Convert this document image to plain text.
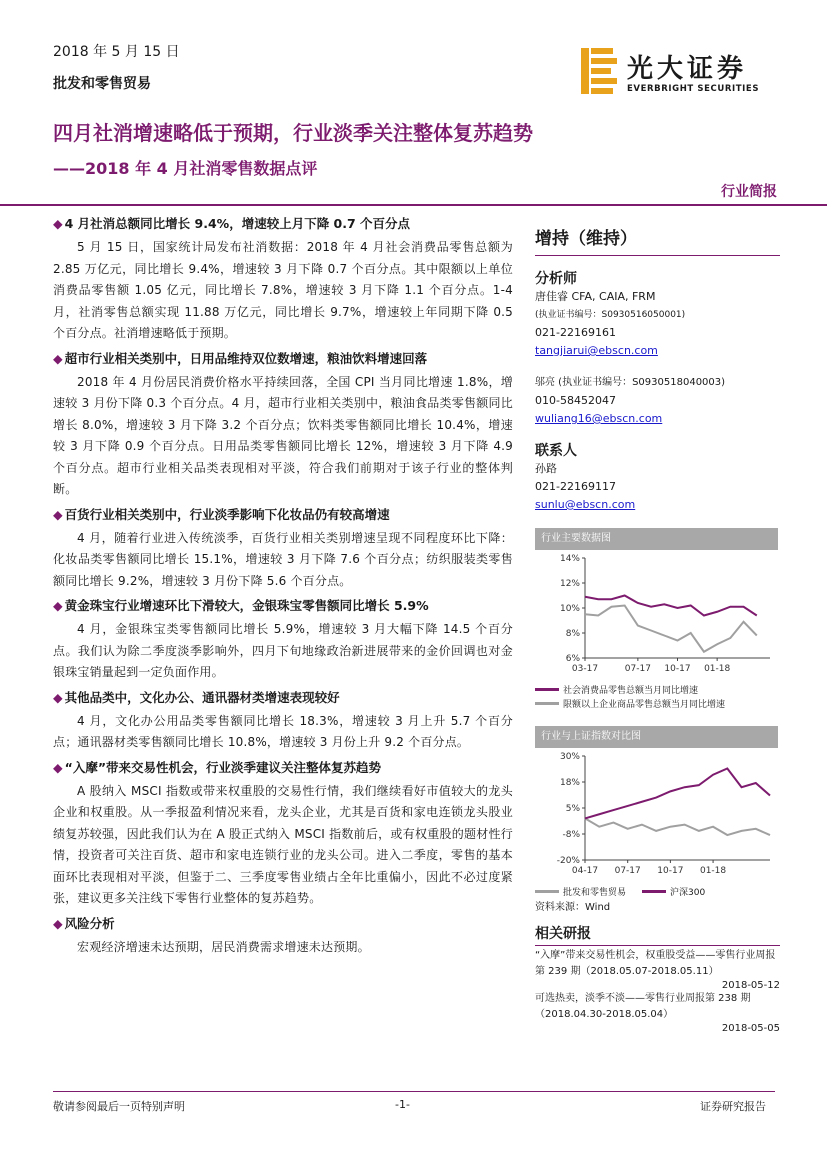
2018 年 5 月 15 日
批发和零售贸易	光大证券
EVERBRIGHT SECURITIES
四月社消增速略低于预期，行业淡季关注整体复苏趋势
——2018 年 4 月社消零售数据点评
行业简报
◆ 4 月社消总额同比增长 9.4%，增速较上月下降 0.7 个百分点

5 月 15 日，国家统计局发布社消数据：2018 年 4 月社会消费品零售总额为 2.85 万亿元，同比增长 9.4%，增速较 3 月下降 0.7 个百分点。其中限额以上单位消费品零售额 1.05 亿元，同比增长 7.8%，增速较 3 月下降 1.1 个百分点。1-4 月，社消零售总额实现 11.88 万亿元，同比增长 9.7%，增速较上年同期下降 0.5 个百分点。社消增速略低于预期。

◆ 超市行业相关类别中，日用品维持双位数增速，粮油饮料增速回落

2018 年 4 月份居民消费价格水平持续回落，全国 CPI 当月同比增速 1.8%，增速较 3 月份下降 0.3 个百分点。4 月，超市行业相关类别中，粮油食品类零售额同比增长 8.0%，增速较 3 月下降 3.2 个百分点；饮料类零售额同比增长 10.4%，增速较 3 月下降 0.9 个百分点。日用品类零售额同比增长 12%，增速较 3 月下降 4.9 个百分点。超市行业相关品类表现相对平淡，符合我们前期对于该子行业的整体判断。

◆ 百货行业相关类别中，行业淡季影响下化妆品仍有较高增速

4 月，随着行业进入传统淡季，百货行业相关类别增速呈现不同程度环比下降：化妆品类零售额同比增长 15.1%，增速较 3 月下降 7.6 个百分点；纺织服装类零售额同比增长 9.2%，增速较 3 月份下降 5.6 个百分点。

◆ 黄金珠宝行业增速环比下滑较大，金银珠宝零售额同比增长 5.9%

4 月，金银珠宝类零售额同比增长 5.9%，增速较 3 月大幅下降 14.5 个百分点。我们认为除二季度淡季影响外，四月下旬地缘政治新进展带来的金价回调也对金银珠宝销量起到一定负面作用。

◆ 其他品类中，文化办公、通讯器材类增速表现较好

4 月，文化办公用品类零售额同比增长 18.3%，增速较 3 月上升 5.7 个百分点；通讯器材类零售额同比增长 10.8%，增速较 3 月份上升 9.2 个百分点。

◆ “入摩”带来交易性机会，行业淡季建议关注整体复苏趋势

A 股纳入 MSCI 指数或带来权重股的交易性行情，我们继续看好市值较大的龙头企业和权重股。从一季报盈利情况来看，龙头企业，尤其是百货和家电连锁龙头股业绩复苏较强，因此我们认为在 A 股正式纳入 MSCI 指数前后，或有权重股的题材性行情，投资者可关注百货、超市和家电连锁行业的龙头公司。进入二季度，零售的基本面环比表现相对平淡，但鉴于二、三季度零售业绩占全年比重偏小，因此不必过度紧张，建议更多关注线下零售行业整体的复苏趋势。

◆ 风险分析

宏观经济增速未达预期，居民消费需求增速未达预期。

增持（维持）
分析师
唐佳睿 CFA, CAIA, FRM
(执业证书编号：S0930516050001)
021-22169161
tangjiarui@ebscn.com
邬亮 (执业证书编号：S0930518040003)
010-58452047
wuliang16@ebscn.com
联系人
孙路
021-22169117
sunlu@ebscn.com
行业主要数据图
14%
12%
10%
8%
6%
03-17	07-17 10-17 01-18
社会消费品零售总额当月同比增速
限额以上企业商品零售总额当月同比增速
行业与上证指数对比图
30%
18%
5%
-8%
-20%
04-17 07-17 10-17 01-18
批发和零售贸易	沪深300
资料来源：Wind
相关研报
“入摩”带来交易性机会，权重股受益——零售行业周报第 239 期（2018.05.07-2018.05.11）
2018-05-12
可选热卖，淡季不淡——零售行业周报第 238 期（2018.04.30-2018.05.04）
2018-05-05
敬请参阅最后一页特别声明	-1-	证券研究报告
